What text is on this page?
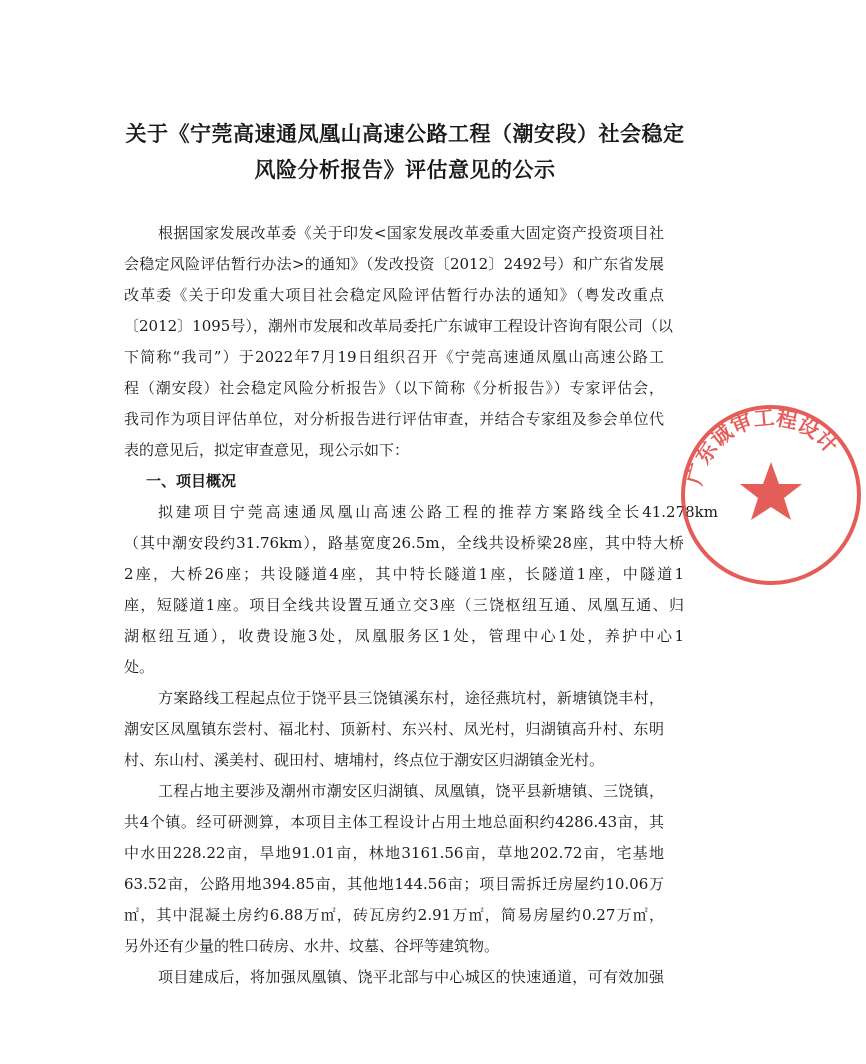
关于《宁莞高速通凤凰山高速公路工程（潮安段）社会稳定
风险分析报告》评估意见的公示
根据国家发展改革委《关于印发<国家发展改革委重大固定资产投资项目社
会稳定风险评估暂行办法>的通知》（发改投资〔2012〕2492号）和广东省发展
改革委《关于印发重大项目社会稳定风险评估暂行办法的通知》（粤发改重点
〔2012〕1095号），潮州市发展和改革局委托广东诚审工程设计咨询有限公司（以
下简称“我司”）于2022年7月19日组织召开《宁莞高速通凤凰山高速公路工
程（潮安段）社会稳定风险分析报告》（以下简称《分析报告》）专家评估会，
我司作为项目评估单位，对分析报告进行评估审查，并结合专家组及参会单位代
表的意见后，拟定审查意见，现公示如下：
一、项目概况
拟建项目宁莞高速通凤凰山高速公路工程的推荐方案路线全长41.278km
（其中潮安段约31.76km），路基宽度26.5m，全线共设桥梁28座，其中特大桥
2座，大桥26座；共设隧道4座，其中特长隧道1座，长隧道1座，中隧道1
座，短隧道1座。项目全线共设置互通立交3座（三饶枢纽互通、凤凰互通、归
湖枢纽互通），收费设施3处，凤凰服务区1处，管理中心1处，养护中心1
处。
方案路线工程起点位于饶平县三饶镇溪东村，途径燕坑村，新塘镇饶丰村，
潮安区凤凰镇东尝村、福北村、顶新村、东兴村、凤光村，归湖镇高升村、东明
村、东山村、溪美村、砚田村、塘埔村，终点位于潮安区归湖镇金光村。
工程占地主要涉及潮州市潮安区归湖镇、凤凰镇，饶平县新塘镇、三饶镇，
共4个镇。经可研测算，本项目主体工程设计占用土地总面积约4286.43亩，其
中水田228.22亩，旱地91.01亩，林地3161.56亩，草地202.72亩，宅基地
63.52亩，公路用地394.85亩，其他地144.56亩；项目需拆迁房屋约10.06万
㎡，其中混凝土房约6.88万㎡，砖瓦房约2.91万㎡，简易房屋约0.27万㎡，
另外还有少量的牲口砖房、水井、坟墓、谷坪等建筑物。
项目建成后，将加强凤凰镇、饶平北部与中心城区的快速通道，可有效加强
广东诚审工程设计
